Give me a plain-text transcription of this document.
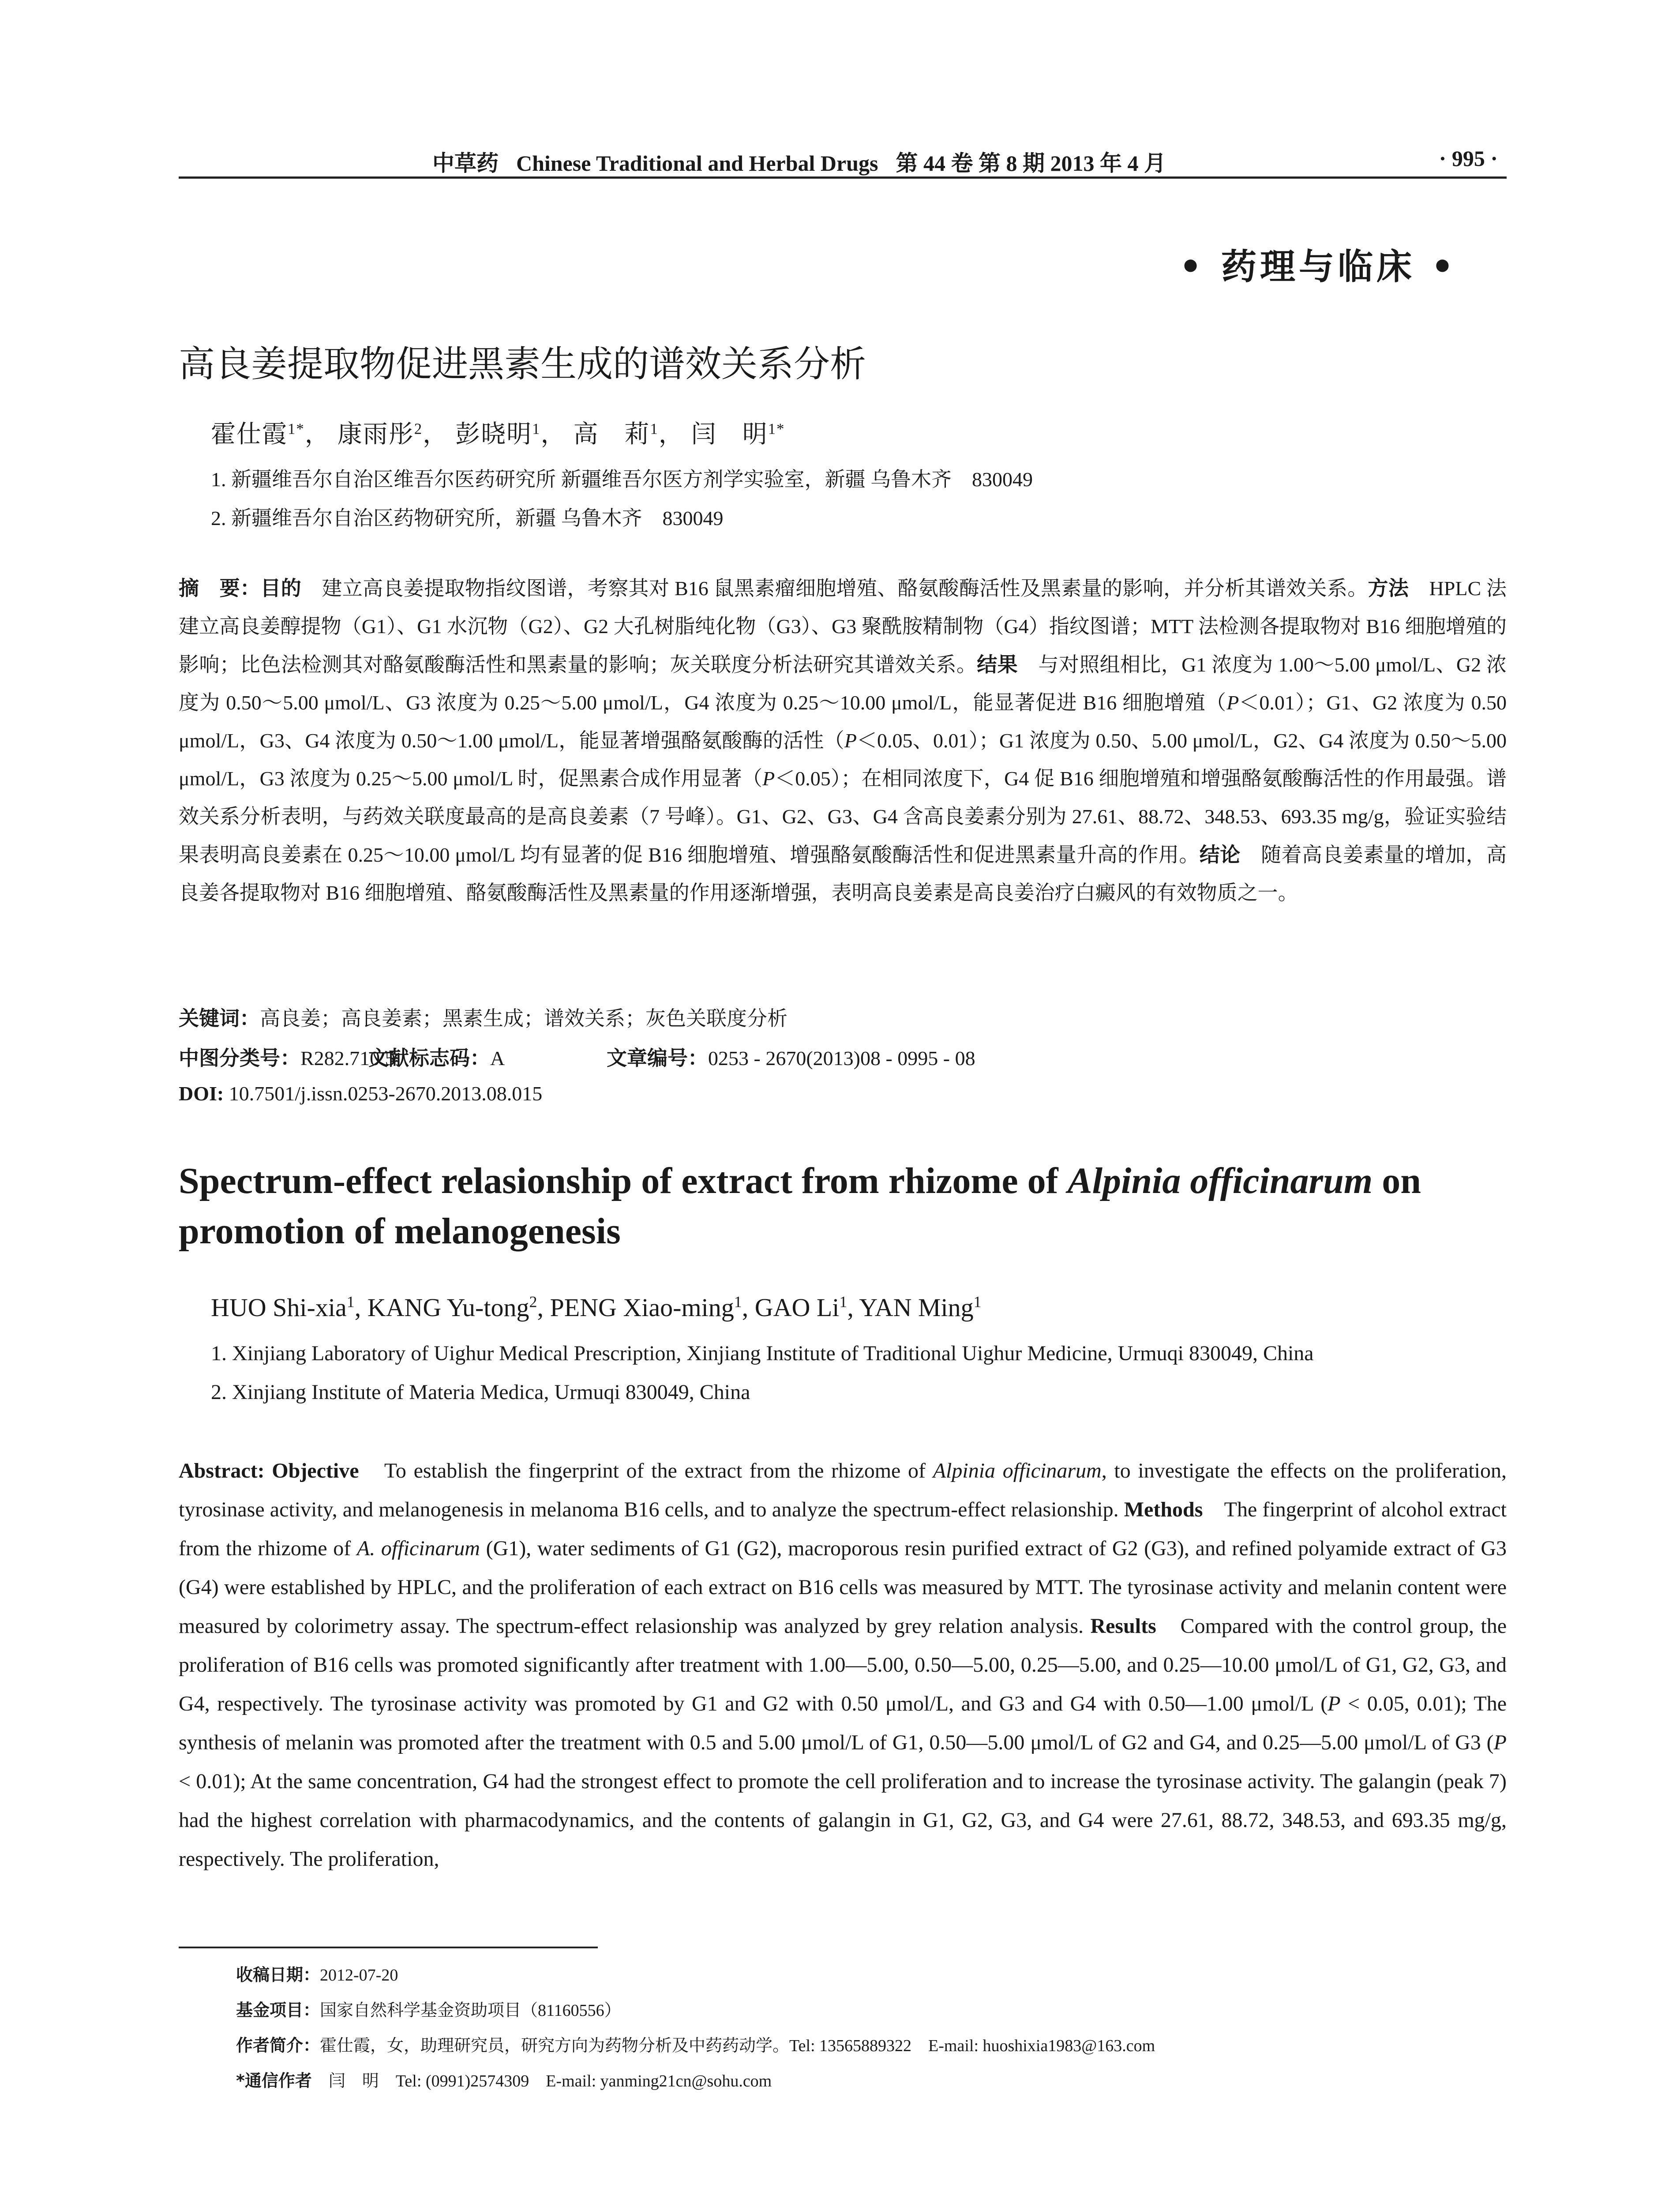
中草药 Chinese Traditional and Herbal Drugs 第 44 卷 第 8 期 2013 年 4 月	· 995 ·
• 药理与临床 •
高良姜提取物促进黑素生成的谱效关系分析
霍仕霞$^{1*}$， 康雨彤$^2$， 彭晓明$^1$， 高　莉$^1$， 闫　明$^{1*}$
1. 新疆维吾尔自治区维吾尔医药研究所 新疆维吾尔医方剂学实验室，新疆 乌鲁木齐　830049
2. 新疆维吾尔自治区药物研究所，新疆 乌鲁木齐　830049
摘　要：目的　建立高良姜提取物指纹图谱，考察其对 B16 鼠黑素瘤细胞增殖、酪氨酸酶活性及黑素量的影响，并分析其谱效关系。方法　HPLC 法建立高良姜醇提物（G1）、G1 水沉物（G2）、G2 大孔树脂纯化物（G3）、G3 聚酰胺精制物（G4）指纹图谱；MTT 法检测各提取物对 B16 细胞增殖的影响；比色法检测其对酪氨酸酶活性和黑素量的影响；灰关联度分析法研究其谱效关系。结果　与对照组相比，G1 浓度为 1.00～5.00 μmol/L、G2 浓度为 0.50～5.00 μmol/L、G3 浓度为 0.25～5.00 μmol/L，G4 浓度为 0.25～10.00 μmol/L，能显著促进 B16 细胞增殖（P＜0.01）；G1、G2 浓度为 0.50 μmol/L，G3、G4 浓度为 0.50～1.00 μmol/L，能显著增强酪氨酸酶的活性（P＜0.05、0.01）；G1 浓度为 0.50、5.00 μmol/L，G2、G4 浓度为 0.50～5.00 μmol/L，G3 浓度为 0.25～5.00 μmol/L 时，促黑素合成作用显著（P＜0.05）；在相同浓度下，G4 促 B16 细胞增殖和增强酪氨酸酶活性的作用最强。谱效关系分析表明，与药效关联度最高的是高良姜素（7 号峰）。G1、G2、G3、G4 含高良姜素分别为 27.61、88.72、348.53、693.35 mg/g，验证实验结果表明高良姜素在 0.25～10.00 μmol/L 均有显著的促 B16 细胞增殖、增强酪氨酸酶活性和促进黑素量升高的作用。结论　随着高良姜素量的增加，高良姜各提取物对 B16 细胞增殖、酪氨酸酶活性及黑素量的作用逐渐增强，表明高良姜素是高良姜治疗白癜风的有效物质之一。
关键词：高良姜；高良姜素；黑素生成；谱效关系；灰色关联度分析
中图分类号：R282.710.5文献标志码：A	文章编号：0253 - 2670(2013)08 - 0995 - 08
DOI: 10.7501/j.issn.0253-2670.2013.08.015
Spectrum-effect relasionship of extract from rhizome of Alpinia officinarum on promotion of melanogenesis
HUO Shi-xia$^1$, KANG Yu-tong$^2$, PENG Xiao-ming$^1$, GAO Li$^1$, YAN Ming$^1$
1. Xinjiang Laboratory of Uighur Medical Prescription, Xinjiang Institute of Traditional Uighur Medicine, Urmuqi 830049, China
2. Xinjiang Institute of Materia Medica, Urmuqi 830049, China
Abstract: Objective　To establish the fingerprint of the extract from the rhizome of Alpinia officinarum, to investigate the effects on the proliferation, tyrosinase activity, and melanogenesis in melanoma B16 cells, and to analyze the spectrum-effect relasionship. Methods　The fingerprint of alcohol extract from the rhizome of A. officinarum (G1), water sediments of G1 (G2), macroporous resin purified extract of G2 (G3), and refined polyamide extract of G3 (G4) were established by HPLC, and the proliferation of each extract on B16 cells was measured by MTT. The tyrosinase activity and melanin content were measured by colorimetry assay. The spectrum-effect relasionship was analyzed by grey relation analysis. Results　Compared with the control group, the proliferation of B16 cells was promoted significantly after treatment with 1.00—5.00, 0.50—5.00, 0.25—5.00, and 0.25—10.00 μmol/L of G1, G2, G3, and G4, respectively. The tyrosinase activity was promoted by G1 and G2 with 0.50 μmol/L, and G3 and G4 with 0.50—1.00 μmol/L (P < 0.05, 0.01); The synthesis of melanin was promoted after the treatment with 0.5 and 5.00 μmol/L of G1, 0.50—5.00 μmol/L of G2 and G4, and 0.25—5.00 μmol/L of G3 (P < 0.01); At the same concentration, G4 had the strongest effect to promote the cell proliferation and to increase the tyrosinase activity. The galangin (peak 7) had the highest correlation with pharmacodynamics, and the contents of galangin in G1, G2, G3, and G4 were 27.61, 88.72, 348.53, and 693.35 mg/g, respectively. The proliferation,
收稿日期：2012-07-20
基金项目：国家自然科学基金资助项目（81160556）
作者简介：霍仕霞，女，助理研究员，研究方向为药物分析及中药药动学。Tel: 13565889322　E-mail: huoshixia1983@163.com
*通信作者　闫　明　Tel: (0991)2574309　E-mail: yanming21cn@sohu.com
